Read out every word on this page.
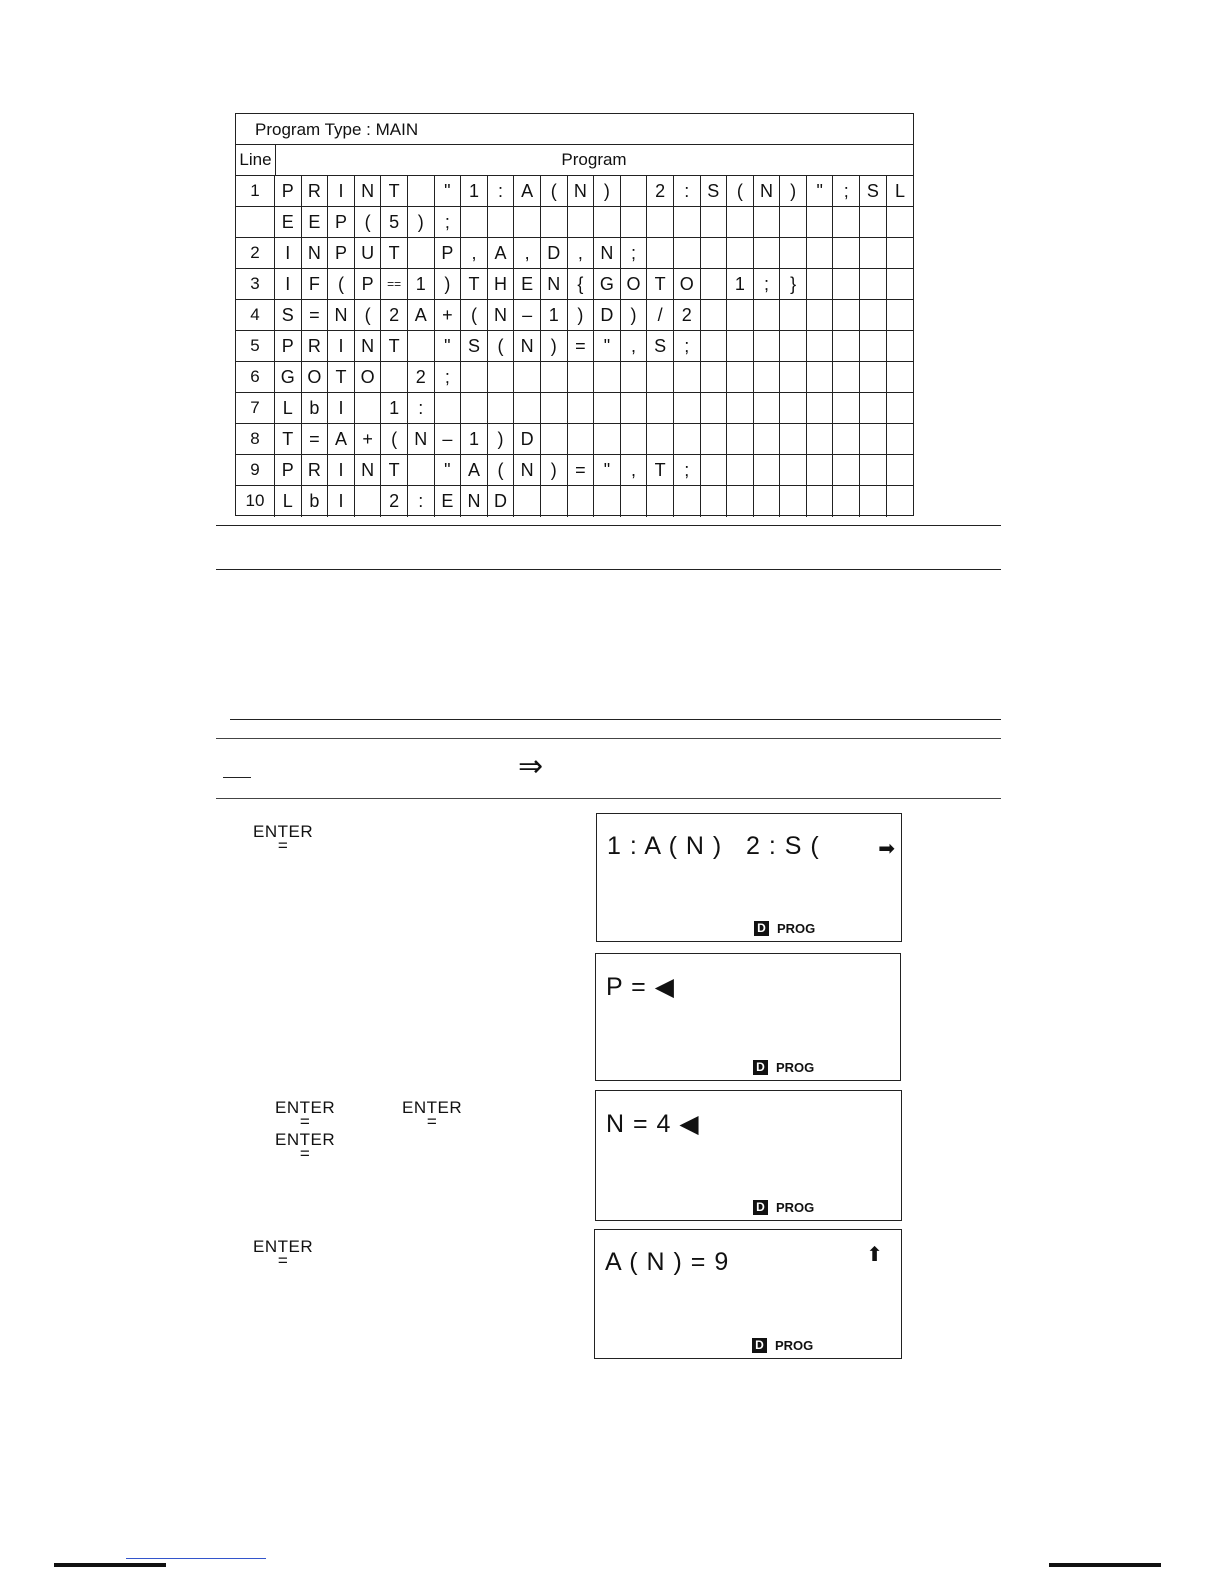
Program Type : MAIN
Line	Program
1	P R I N T	"	1	:	A ( N )	2	:	S ( N )	"	;	S L
E E P (	5	)	;
2	I N P U T	P	,	A	, D , N ;
3	I	F	( P	== 1	)	T H E N { G O T O	1	;	}
4	S = N (	2 A +	( N – 1	) D )	/	2
5	P R I N T	" S ( N )	=	"	,	S	;
6	G O T O	2	;
7	L b	I	1	:
8	T = A +	( N – 1	) D
9	P R I N T	" A ( N )	=	"	,	T	;
10	L b	I	2	:	E N D
⇒
ENTER
=
ENTER
=
ENTER
=
ENTER
=
ENTER
=
1 : A ( N )   2 : S (	➡
D PROG
P = ◀
D PROG
N = 4 ◀
D PROG
A ( N ) = 9	⬆
D PROG
